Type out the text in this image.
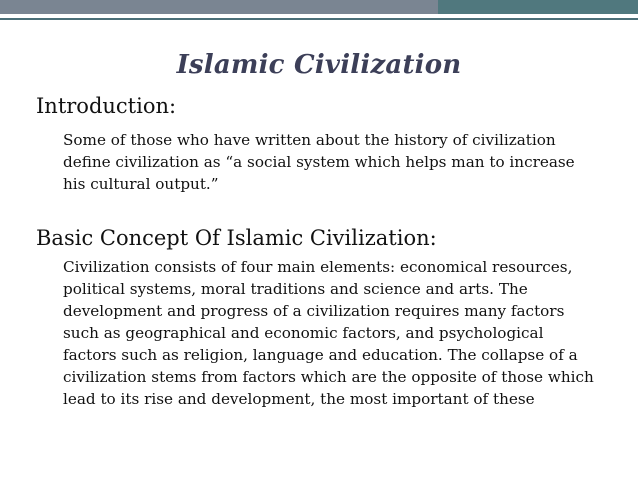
Islamic Civilization
Introduction:
Some of those who have written about the history of civilization
define civilization as “a social system which helps man to increase
his cultural output.”
Basic Concept Of Islamic Civilization:
Civilization consists of four main elements: economical resources,
political systems, moral traditions and science and arts. The
development and progress of a civilization requires many factors
such as geographical and economic factors, and psychological
factors such as religion, language and education. The collapse of a
civilization stems from factors which are the opposite of those which
lead to its rise and development, the most important of these
